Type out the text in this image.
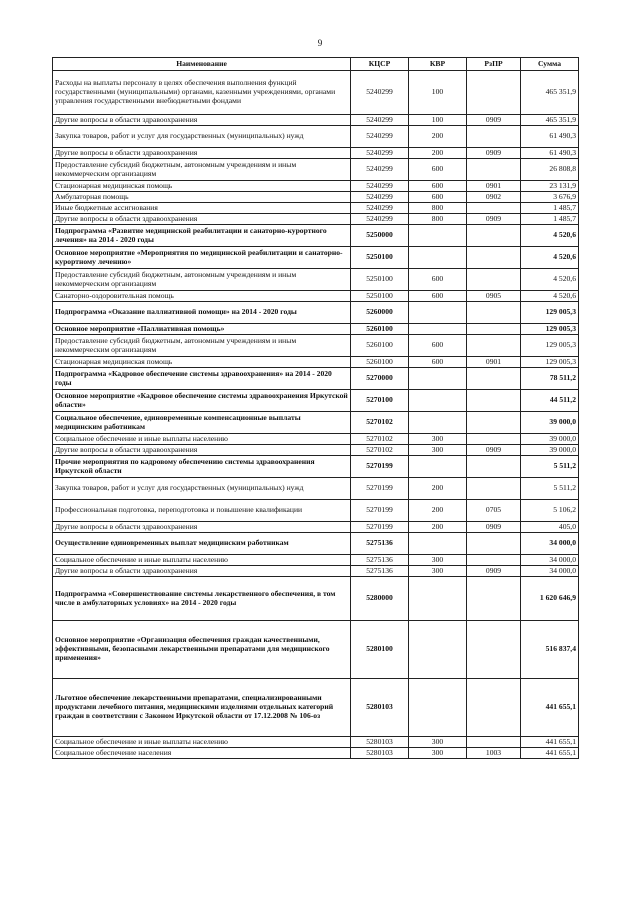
9
Наименование	КЦСР	КВР	РзПР	Сумма
Расходы на выплаты персоналу в целях обеспечения выполнения функций государственными (муниципальными) органами, казенными учреждениями, органами управления государственными внебюджетными фондами	5240299	100		465 351,9
Другие вопросы в области здравоохранения	5240299	100	0909	465 351,9
Закупка товаров, работ и услуг для государственных (муниципальных) нужд	5240299	200		61 490,3
Другие вопросы в области здравоохранения	5240299	200	0909	61 490,3
Предоставление субсидий бюджетным, автономным учреждениям и иным некоммерческим организациям	5240299	600		26 808,8
Стационарная медицинская помощь	5240299	600	0901	23 131,9
Амбулаторная помощь	5240299	600	0902	3 676,9
Иные бюджетные ассигнования	5240299	800		1 485,7
Другие вопросы в области здравоохранения	5240299	800	0909	1 485,7
Подпрограмма «Развитие медицинской реабилитации и санаторно-курортного лечения» на 2014 - 2020 годы	5250000			4 520,6
Основное мероприятие «Мероприятия по медицинской реабилитации и санаторно-курортному лечению»	5250100			4 520,6
Предоставление субсидий бюджетным, автономным учреждениям и иным некоммерческим организациям	5250100	600		4 520,6
Санаторно-оздоровительная помощь	5250100	600	0905	4 520,6
Подпрограмма «Оказание паллиативной помощи» на 2014 - 2020 годы	5260000			129 005,3
Основное мероприятие «Паллиативная помощь»	5260100			129 005,3
Предоставление субсидий бюджетным, автономным учреждениям и иным некоммерческим организациям	5260100	600		129 005,3
Стационарная медицинская помощь	5260100	600	0901	129 005,3
Подпрограмма «Кадровое обеспечение системы здравоохранения» на 2014 - 2020 годы	5270000			78 511,2
Основное мероприятие «Кадровое обеспечение системы здравоохранения Иркутской области»	5270100			44 511,2
Социальное обеспечение, единовременные компенсационные выплаты медицинским работникам	5270102			39 000,0
Социальное обеспечение и иные выплаты населению	5270102	300		39 000,0
Другие вопросы в области здравоохранения	5270102	300	0909	39 000,0
Прочие мероприятия по кадровому обеспечению системы здравоохранения Иркутской области	5270199			5 511,2
Закупка товаров, работ и услуг для государственных (муниципальных) нужд	5270199	200		5 511,2
Профессиональная подготовка, переподготовка и повышение квалификации	5270199	200	0705	5 106,2
Другие вопросы в области здравоохранения	5270199	200	0909	405,0
Осуществление единовременных выплат медицинским работникам	5275136			34 000,0
Социальное обеспечение и иные выплаты населению	5275136	300		34 000,0
Другие вопросы в области здравоохранения	5275136	300	0909	34 000,0
Подпрограмма «Совершенствование системы лекарственного обеспечения, в том числе в амбулаторных условиях» на 2014 - 2020 годы	5280000			1 620 646,9
Основное мероприятие «Организация обеспечения граждан качественными, эффективными, безопасными лекарственными препаратами для медицинского применения»	5280100			516 837,4
Льготное обеспечение лекарственными препаратами, специализированными продуктами лечебного питания, медицинскими изделиями отдельных категорий граждан в соответствии с Законом Иркутской области от 17.12.2008 № 106-оз	5280103			441 655,1
Социальное обеспечение и иные выплаты населению	5280103	300		441 655,1
Социальное обеспечение населения	5280103	300	1003	441 655,1
